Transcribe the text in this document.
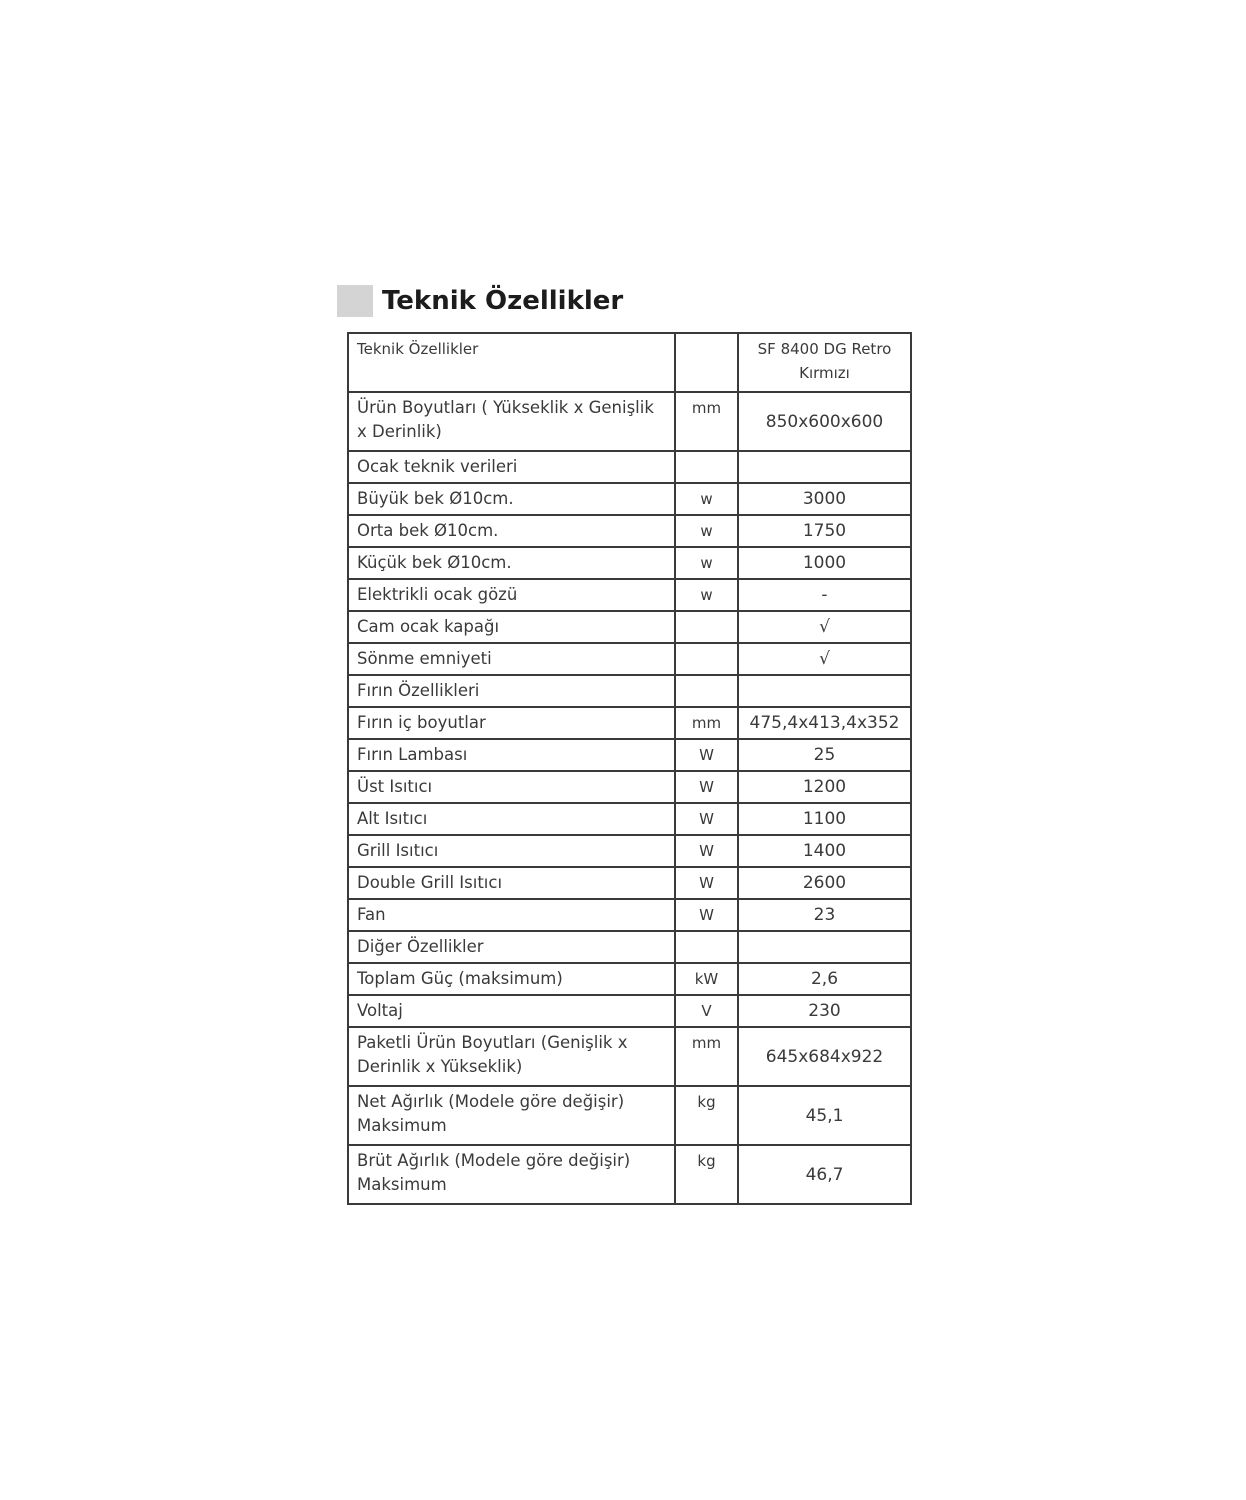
Teknik Özellikler
Teknik Özellikler		SF 8400 DG Retro Kırmızı
Ürün Boyutları ( Yükseklik x Genişlik x Derinlik)	mm	850x600x600
Ocak teknik verileri		
Büyük bek Ø10cm.	w	3000
Orta bek Ø10cm.	w	1750
Küçük bek Ø10cm.	w	1000
Elektrikli ocak gözü	w	-
Cam ocak kapağı		√
Sönme emniyeti		√
Fırın Özellikleri		
Fırın iç boyutlar	mm	475,4x413,4x352
Fırın Lambası	W	25
Üst Isıtıcı	W	1200
Alt Isıtıcı	W	1100
Grill Isıtıcı	W	1400
Double Grill Isıtıcı	W	2600
Fan	W	23
Diğer Özellikler		
Toplam Güç (maksimum)	kW	2,6
Voltaj	V	230
Paketli Ürün Boyutları (Genişlik x Derinlik x Yükseklik)	mm	645x684x922
Net Ağırlık (Modele göre değişir) Maksimum	kg	45,1
Brüt Ağırlık (Modele göre değişir) Maksimum	kg	46,7
